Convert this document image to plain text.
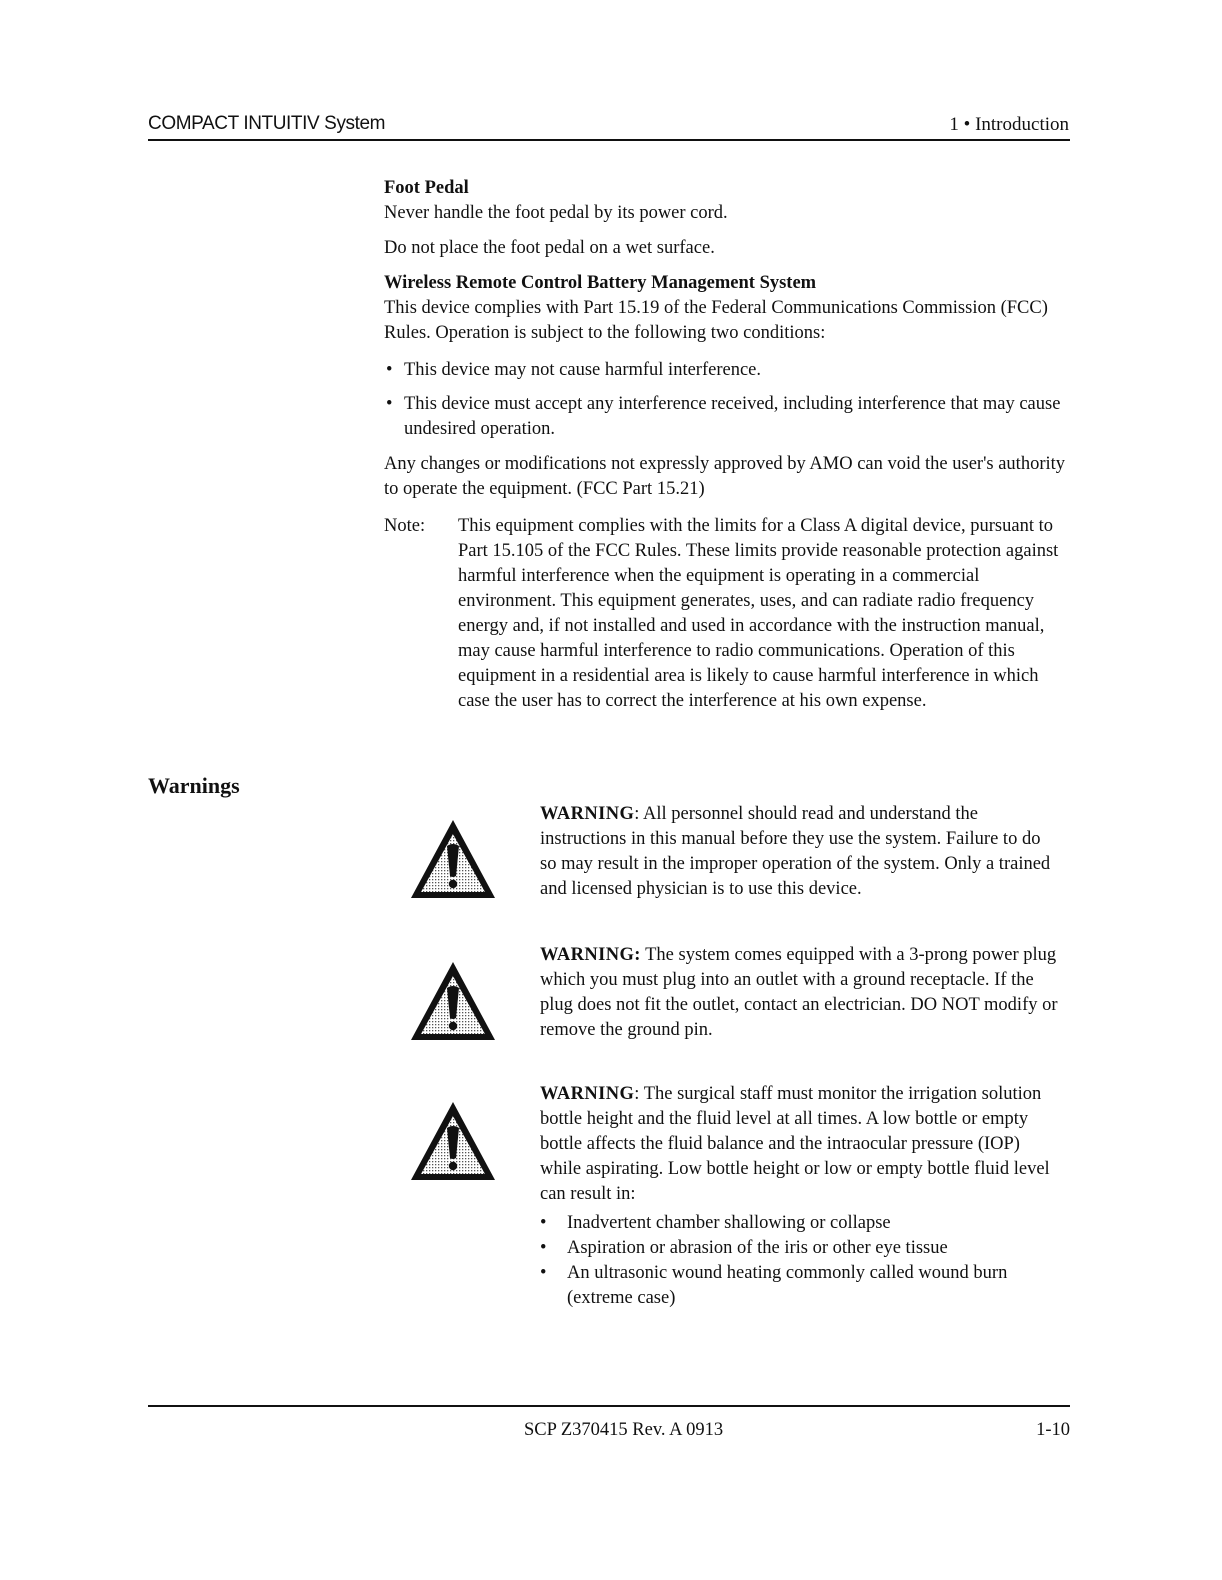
COMPACT INTUITIV System	1 • Introduction
Foot Pedal

Never handle the foot pedal by its power cord.

Do not place the foot pedal on a wet surface.

Wireless Remote Control Battery Management System

This device complies with Part 15.19 of the Federal Communications Commission (FCC) Rules. Operation is subject to the following two conditions:

• This device may not cause harmful interference.
• This device must accept any interference received, including interference that may cause undesired operation.

Any changes or modifications not expressly approved by AMO can void the user's authority to operate the equipment. (FCC Part 15.21)

Note:	This equipment complies with the limits for a Class A digital device, pursuant to Part 15.105 of the FCC Rules. These limits provide reasonable protection against harmful interference when the equipment is operating in a commercial environment. This equipment generates, uses, and can radiate radio frequency energy and, if not installed and used in accordance with the instruction manual, may cause harmful interference to radio communications. Operation of this equipment in a residential area is likely to cause harmful interference in which case the user has to correct the interference at his own expense.
Warnings
WARNING: All personnel should read and understand the instructions in this manual before they use the system. Failure to do so may result in the improper operation of the system. Only a trained and licensed physician is to use this device.
WARNING: The system comes equipped with a 3-prong power plug which you must plug into an outlet with a ground receptacle. If the plug does not fit the outlet, contact an electrician. DO NOT modify or remove the ground pin.
WARNING: The surgical staff must monitor the irrigation solution bottle height and the fluid level at all times. A low bottle or empty bottle affects the fluid balance and the intraocular pressure (IOP) while aspirating. Low bottle height or low or empty bottle fluid level can result in:
• Inadvertent chamber shallowing or collapse
• Aspiration or abrasion of the iris or other eye tissue
• An ultrasonic wound heating commonly called wound burn (extreme case)
SCP Z370415 Rev. A 0913	1-10
